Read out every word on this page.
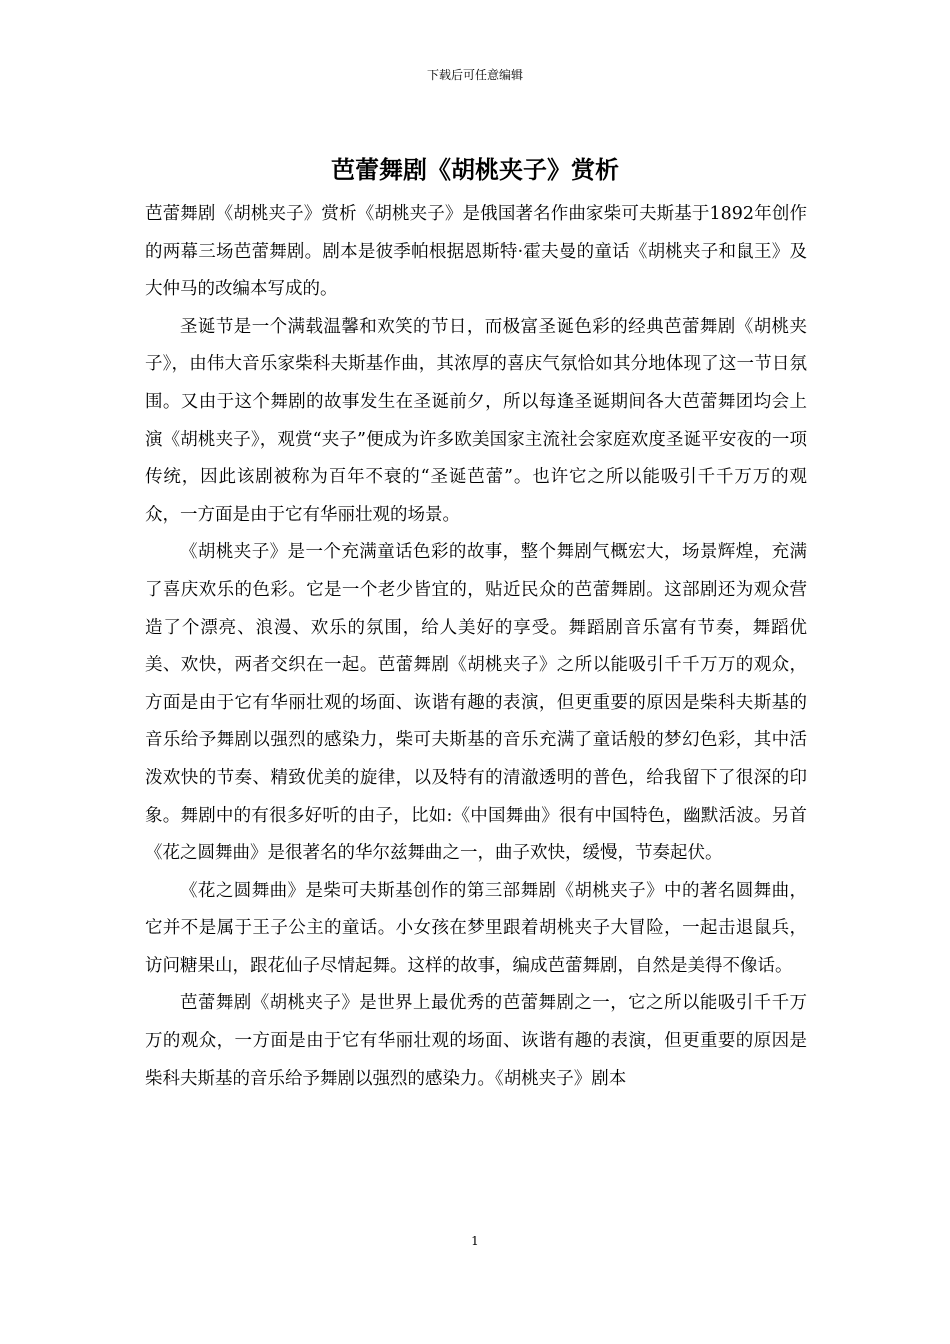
下载后可任意编辑
芭蕾舞剧《胡桃夹子》赏析

芭蕾舞剧《胡桃夹子》赏析《胡桃夹子》是俄国著名作曲家柴可夫斯基于1892年创作的两幕三场芭蕾舞剧。剧本是彼季帕根据恩斯特·霍夫曼的童话《胡桃夹子和鼠王》及大仲马的改编本写成的。

圣诞节是一个满载温馨和欢笑的节日，而极富圣诞色彩的经典芭蕾舞剧《胡桃夹子》，由伟大音乐家柴科夫斯基作曲，其浓厚的喜庆气氛恰如其分地体现了这一节日氛围。又由于这个舞剧的故事发生在圣诞前夕，所以每逢圣诞期间各大芭蕾舞团均会上演《胡桃夹子》，观赏“夹子”便成为许多欧美国家主流社会家庭欢度圣诞平安夜的一项传统，因此该剧被称为百年不衰的“圣诞芭蕾”。也许它之所以能吸引千千万万的观众，一方面是由于它有华丽壮观的场景。

《胡桃夹子》是一个充满童话色彩的故事，整个舞剧气概宏大，场景辉煌，充满了喜庆欢乐的色彩。它是一个老少皆宜的，贴近民众的芭蕾舞剧。这部剧还为观众营造了个漂亮、浪漫、欢乐的氛围，给人美好的享受。舞蹈剧音乐富有节奏，舞蹈优美、欢快，两者交织在一起。芭蕾舞剧《胡桃夹子》之所以能吸引千千万万的观众，方面是由于它有华丽壮观的场面、诙谐有趣的表演，但更重要的原因是柴科夫斯基的音乐给予舞剧以强烈的感染力，柴可夫斯基的音乐充满了童话般的梦幻色彩，其中活泼欢快的节奏、精致优美的旋律，以及特有的清澈透明的普色，给我留下了很深的印象。舞剧中的有很多好听的由子，比如:《中国舞曲》很有中国特色，幽默活波。另首《花之圆舞曲》是很著名的华尔兹舞曲之一，曲子欢快，缓慢，节奏起伏。

《花之圆舞曲》是柴可夫斯基创作的第三部舞剧《胡桃夹子》中的著名圆舞曲，它并不是属于王子公主的童话。小女孩在梦里跟着胡桃夹子大冒险，一起击退鼠兵，访问糖果山，跟花仙子尽情起舞。这样的故事，编成芭蕾舞剧，自然是美得不像话。

芭蕾舞剧《胡桃夹子》是世界上最优秀的芭蕾舞剧之一，它之所以能吸引千千万万的观众，一方面是由于它有华丽壮观的场面、诙谐有趣的表演，但更重要的原因是柴科夫斯基的音乐给予舞剧以强烈的感染力。《胡桃夹子》剧本

1
